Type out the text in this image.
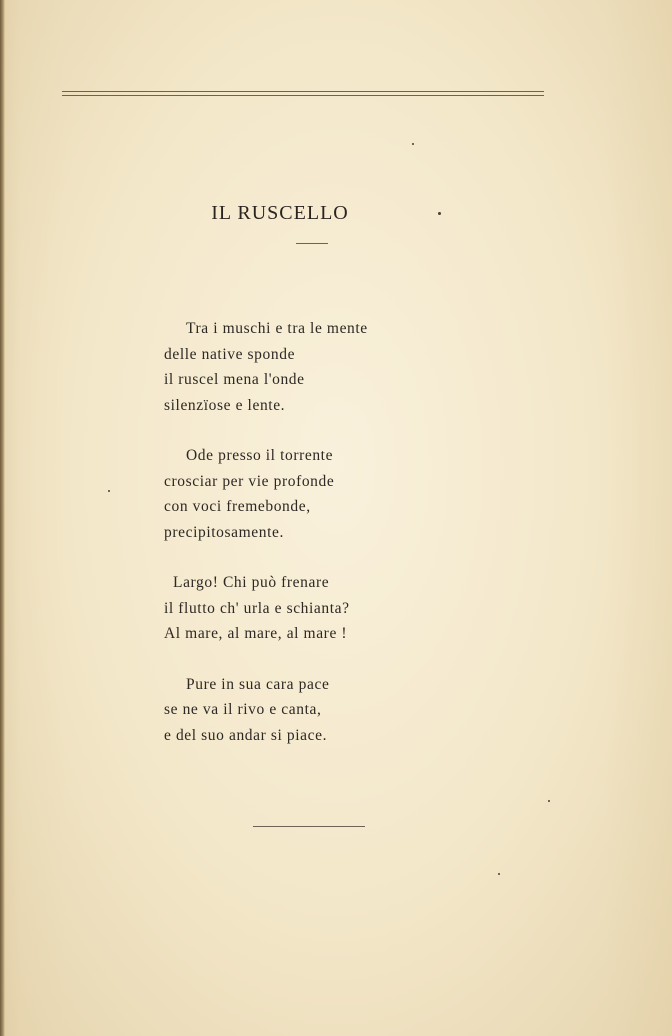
IL RUSCELLO
Tra i muschi e tra le mente
delle native sponde
il ruscel mena l'onde
silenzïose e lente.
Ode presso il torrente
crosciar per vie profonde
con voci fremebonde,
precipitosamente.
Largo! Chi può frenare
il flutto ch' urla e schianta?
Al mare, al mare, al mare !
Pure in sua cara pace
se ne va il rivo e canta,
e del suo andar si piace.
